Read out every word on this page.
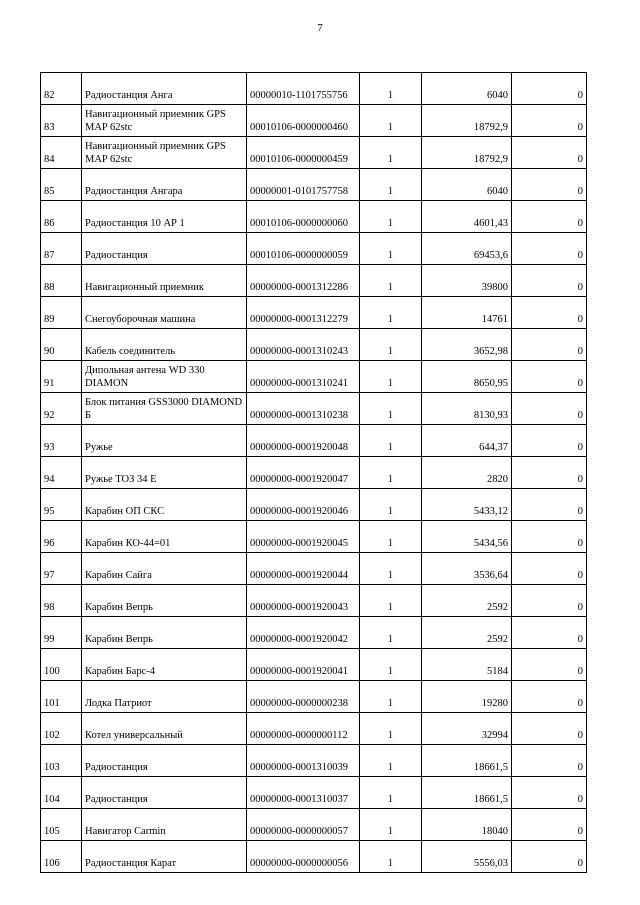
7
82	Радиостанция Анга	00000010-1101755756	1	6040	0
83	Навигационный приемник GPS MAP 62stc	00010106-0000000460	1	18792,9	0
84	Навигационный приемник GPS MAP 62stc	00010106-0000000459	1	18792,9	0
85	Радиостанция Ангара	00000001-0101757758	1	6040	0
86	Радиостанция 10 АР 1	00010106-0000000060	1	4601,43	0
87	Радиостанция	00010106-0000000059	1	69453,6	0
88	Навигационный приемник	00000000-0001312286	1	39800	0
89	Снегоуборочная машина	00000000-0001312279	1	14761	0
90	Кабель соединитель	00000000-0001310243	1	3652,98	0
91	Дипольная антена WD 330 DIAMON	00000000-0001310241	1	8650,95	0
92	Блок питания GSS3000 DIAMOND Б	00000000-0001310238	1	8130,93	0
93	Ружье	00000000-0001920048	1	644,37	0
94	Ружье ТОЗ 34 Е	00000000-0001920047	1	2820	0
95	Карабин ОП СКС	00000000-0001920046	1	5433,12	0
96	Карабин КО-44=01	00000000-0001920045	1	5434,56	0
97	Карабин Сайга	00000000-0001920044	1	3536,64	0
98	Карабин Вепрь	00000000-0001920043	1	2592	0
99	Карабин Вепрь	00000000-0001920042	1	2592	0
100	Карабин Барс-4	00000000-0001920041	1	5184	0
101	Лодка Патриот	00000000-0000000238	1	19280	0
102	Котел универсальный	00000000-0000000112	1	32994	0
103	Радиостанция	00000000-0001310039	1	18661,5	0
104	Радиостанция	00000000-0001310037	1	18661,5	0
105	Навигатор Carmin	00000000-0000000057	1	18040	0
106	Радиостанция Карат	00000000-0000000056	1	5556,03	0
